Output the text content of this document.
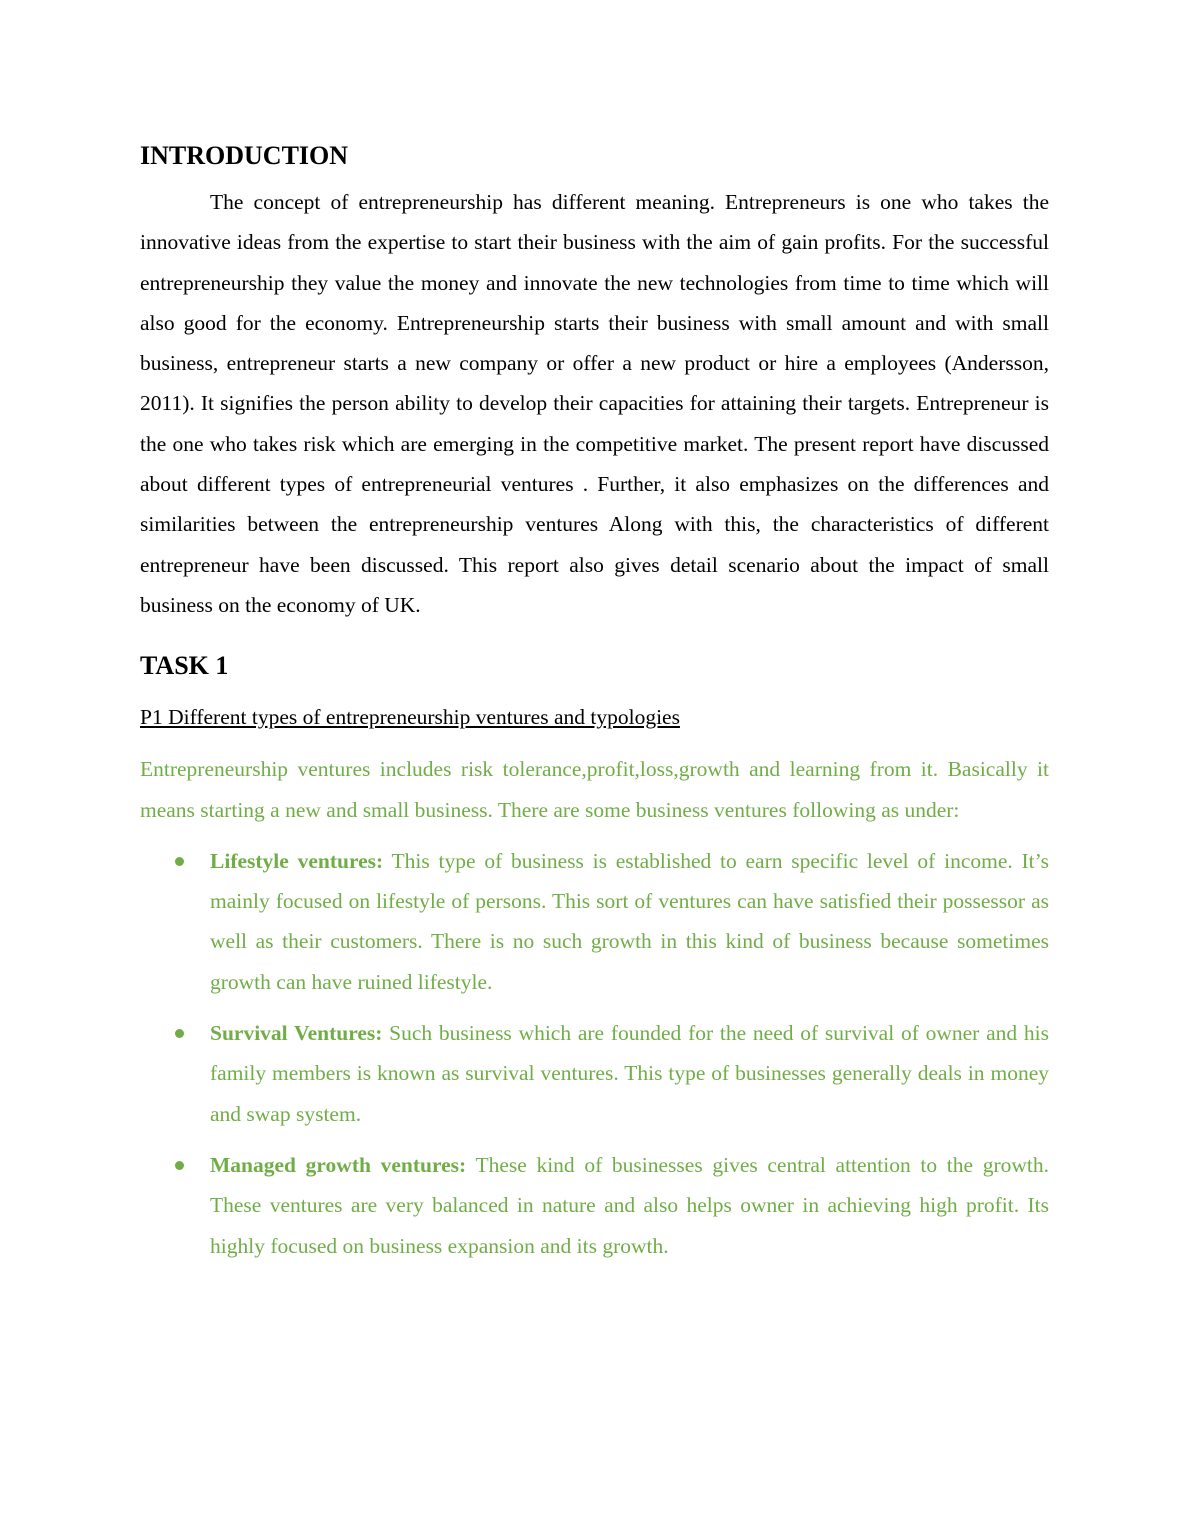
INTRODUCTION

The concept of entrepreneurship has different meaning. Entrepreneurs is one who takes the innovative ideas from the expertise to start their business with the aim of gain profits. For the successful entrepreneurship they value the money and innovate the new technologies from time to time which will also good for the economy. Entrepreneurship starts their business with small amount and with small business, entrepreneur starts a new company or offer a new product or hire a employees (Andersson, 2011). It signifies the person ability to develop their capacities for attaining their targets. Entrepreneur is the one who takes risk which are emerging in the competitive market. The present report have discussed about different types of entrepreneurial ventures . Further, it also emphasizes on the differences and similarities between the entrepreneurship ventures Along with this, the characteristics of different entrepreneur have been discussed. This report also gives detail scenario about the impact of small business on the economy of UK.

TASK 1

P1 Different types of entrepreneurship ventures and typologies

Entrepreneurship ventures includes risk tolerance,profit,loss,growth and learning from it. Basically it means starting a new and small business. There are some business ventures following as under:

Lifestyle ventures: This type of business is established to earn specific level of income. It’s mainly focused on lifestyle of persons. This sort of ventures can have satisfied their possessor as well as their customers. There is no such growth in this kind of business because sometimes growth can have ruined lifestyle.
Survival Ventures: Such business which are founded for the need of survival of owner and his family members is known as survival ventures. This type of businesses generally deals in money and swap system.
Managed growth ventures: These kind of businesses gives central attention to the growth. These ventures are very balanced in nature and also helps owner in achieving high profit. Its highly focused on business expansion and its growth.
